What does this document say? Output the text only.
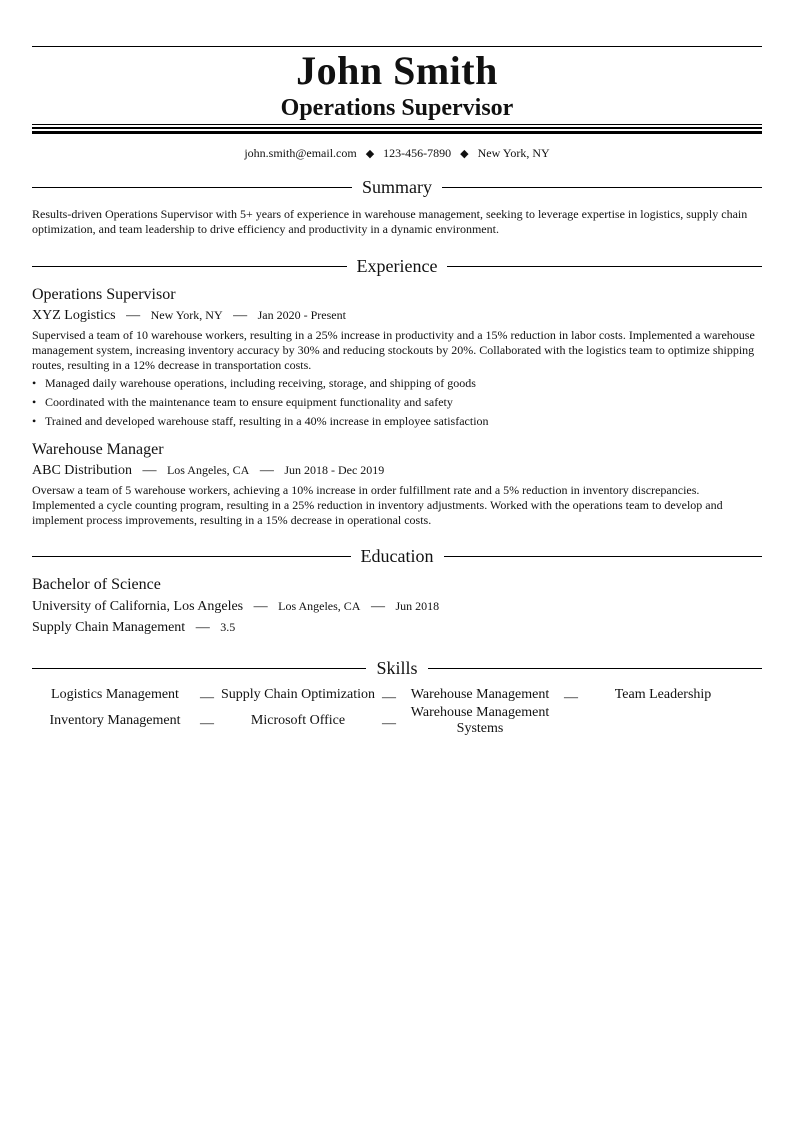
John Smith
Operations Supervisor
john.smith@email.com ◆ 123-456-7890 ◆ New York, NY
Summary
Results-driven Operations Supervisor with 5+ years of experience in warehouse management, seeking to leverage expertise in logistics, supply chain optimization, and team leadership to drive efficiency and productivity in a dynamic environment.
Experience
Operations Supervisor
XYZ Logistics — New York, NY — Jan 2020 - Present
Supervised a team of 10 warehouse workers, resulting in a 25% increase in productivity and a 15% reduction in labor costs. Implemented a warehouse management system, increasing inventory accuracy by 30% and reducing stockouts by 20%. Collaborated with the logistics team to optimize shipping routes, resulting in a 12% decrease in transportation costs.
• Managed daily warehouse operations, including receiving, storage, and shipping of goods
• Coordinated with the maintenance team to ensure equipment functionality and safety
• Trained and developed warehouse staff, resulting in a 40% increase in employee satisfaction
Warehouse Manager
ABC Distribution — Los Angeles, CA — Jun 2018 - Dec 2019
Oversaw a team of 5 warehouse workers, achieving a 10% increase in order fulfillment rate and a 5% reduction in inventory discrepancies. Implemented a cycle counting program, resulting in a 25% reduction in inventory adjustments. Worked with the operations team to develop and implement process improvements, resulting in a 15% decrease in operational costs.
Education
Bachelor of Science
University of California, Los Angeles — Los Angeles, CA — Jun 2018
Supply Chain Management — 3.5
Skills
Logistics Management	— Supply Chain Optimization —	Warehouse Management	—	Team Leadership
Inventory Management	—	Microsoft Office	—
Warehouse Management Systems
